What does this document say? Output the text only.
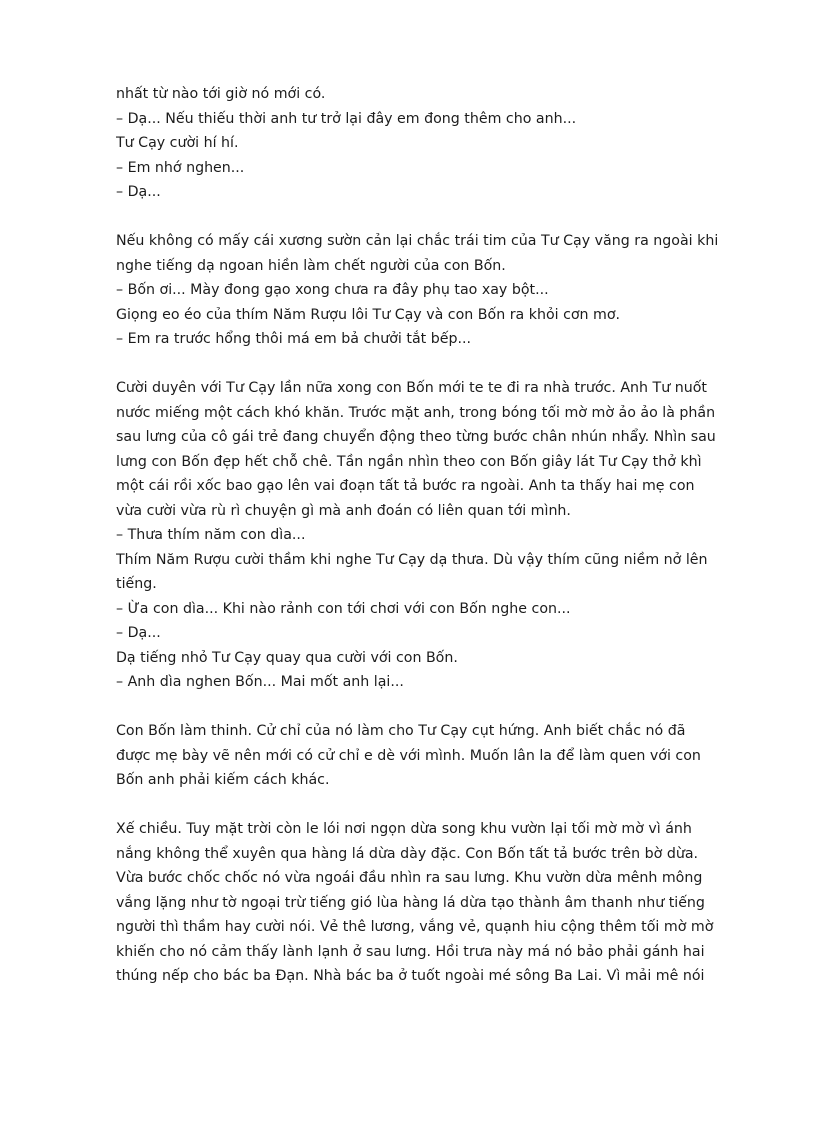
nhất từ nào tới giờ nó mới có.
– Dạ... Nếu thiếu thời anh tư trở lại đây em đong thêm cho anh...
Tư Cạy cười hí hí.
– Em nhớ nghen...
– Dạ...
Nếu không có mấy cái xương sườn cản lại chắc trái tim của Tư Cạy văng ra ngoài khi
nghe tiếng dạ ngoan hiền làm chết người của con Bốn.
– Bốn ơi... Mày đong gạo xong chưa ra đây phụ tao xay bột...
Giọng eo éo của thím Năm Rượu lôi Tư Cạy và con Bốn ra khỏi cơn mơ.
– Em ra trước hổng thôi má em bả chưởi tắt bếp...
Cười duyên với Tư Cạy lần nữa xong con Bốn mới te te đi ra nhà trước. Anh Tư nuốt
nước miếng một cách khó khăn. Trước mặt anh, trong bóng tối mờ mờ ảo ảo là phần
sau lưng của cô gái trẻ đang chuyển động theo từng bước chân nhún nhẩy. Nhìn sau
lưng con Bốn đẹp hết chỗ chê. Tần ngần nhìn theo con Bốn giây lát Tư Cạy thở khì
một cái rồi xốc bao gạo lên vai đoạn tất tả bước ra ngoài. Anh ta thấy hai mẹ con
vừa cười vừa rù rì chuyện gì mà anh đoán có liên quan tới mình.
– Thưa thím năm con dìa...
Thím Năm Rượu cười thầm khi nghe Tư Cạy dạ thưa. Dù vậy thím cũng niềm nở lên
tiếng.
– Ừa con dìa... Khi nào rảnh con tới chơi với con Bốn nghe con...
– Dạ...
Dạ tiếng nhỏ Tư Cạy quay qua cười với con Bốn.
– Anh dìa nghen Bốn... Mai mốt anh lại...
Con Bốn làm thinh. Cử chỉ của nó làm cho Tư Cạy cụt hứng. Anh biết chắc nó đã
được mẹ bày vẽ nên mới có cử chỉ e dè với mình. Muốn lân la để làm quen với con
Bốn anh phải kiếm cách khác.
Xế chiều. Tuy mặt trời còn le lói nơi ngọn dừa song khu vườn lại tối mờ mờ vì ánh
nắng không thể xuyên qua hàng lá dừa dày đặc. Con Bốn tất tả bước trên bờ dừa.
Vừa bước chốc chốc nó vừa ngoái đầu nhìn ra sau lưng. Khu vườn dừa mênh mông
vắng lặng như tờ ngoại trừ tiếng gió lùa hàng lá dừa tạo thành âm thanh như tiếng
người thì thầm hay cười nói. Vẻ thê lương, vắng vẻ, quạnh hiu cộng thêm tối mờ mờ
khiến cho nó cảm thấy lành lạnh ở sau lưng. Hồi trưa này má nó bảo phải gánh hai
thúng nếp cho bác ba Đạn. Nhà bác ba ở tuốt ngoài mé sông Ba Lai. Vì mải mê nói
